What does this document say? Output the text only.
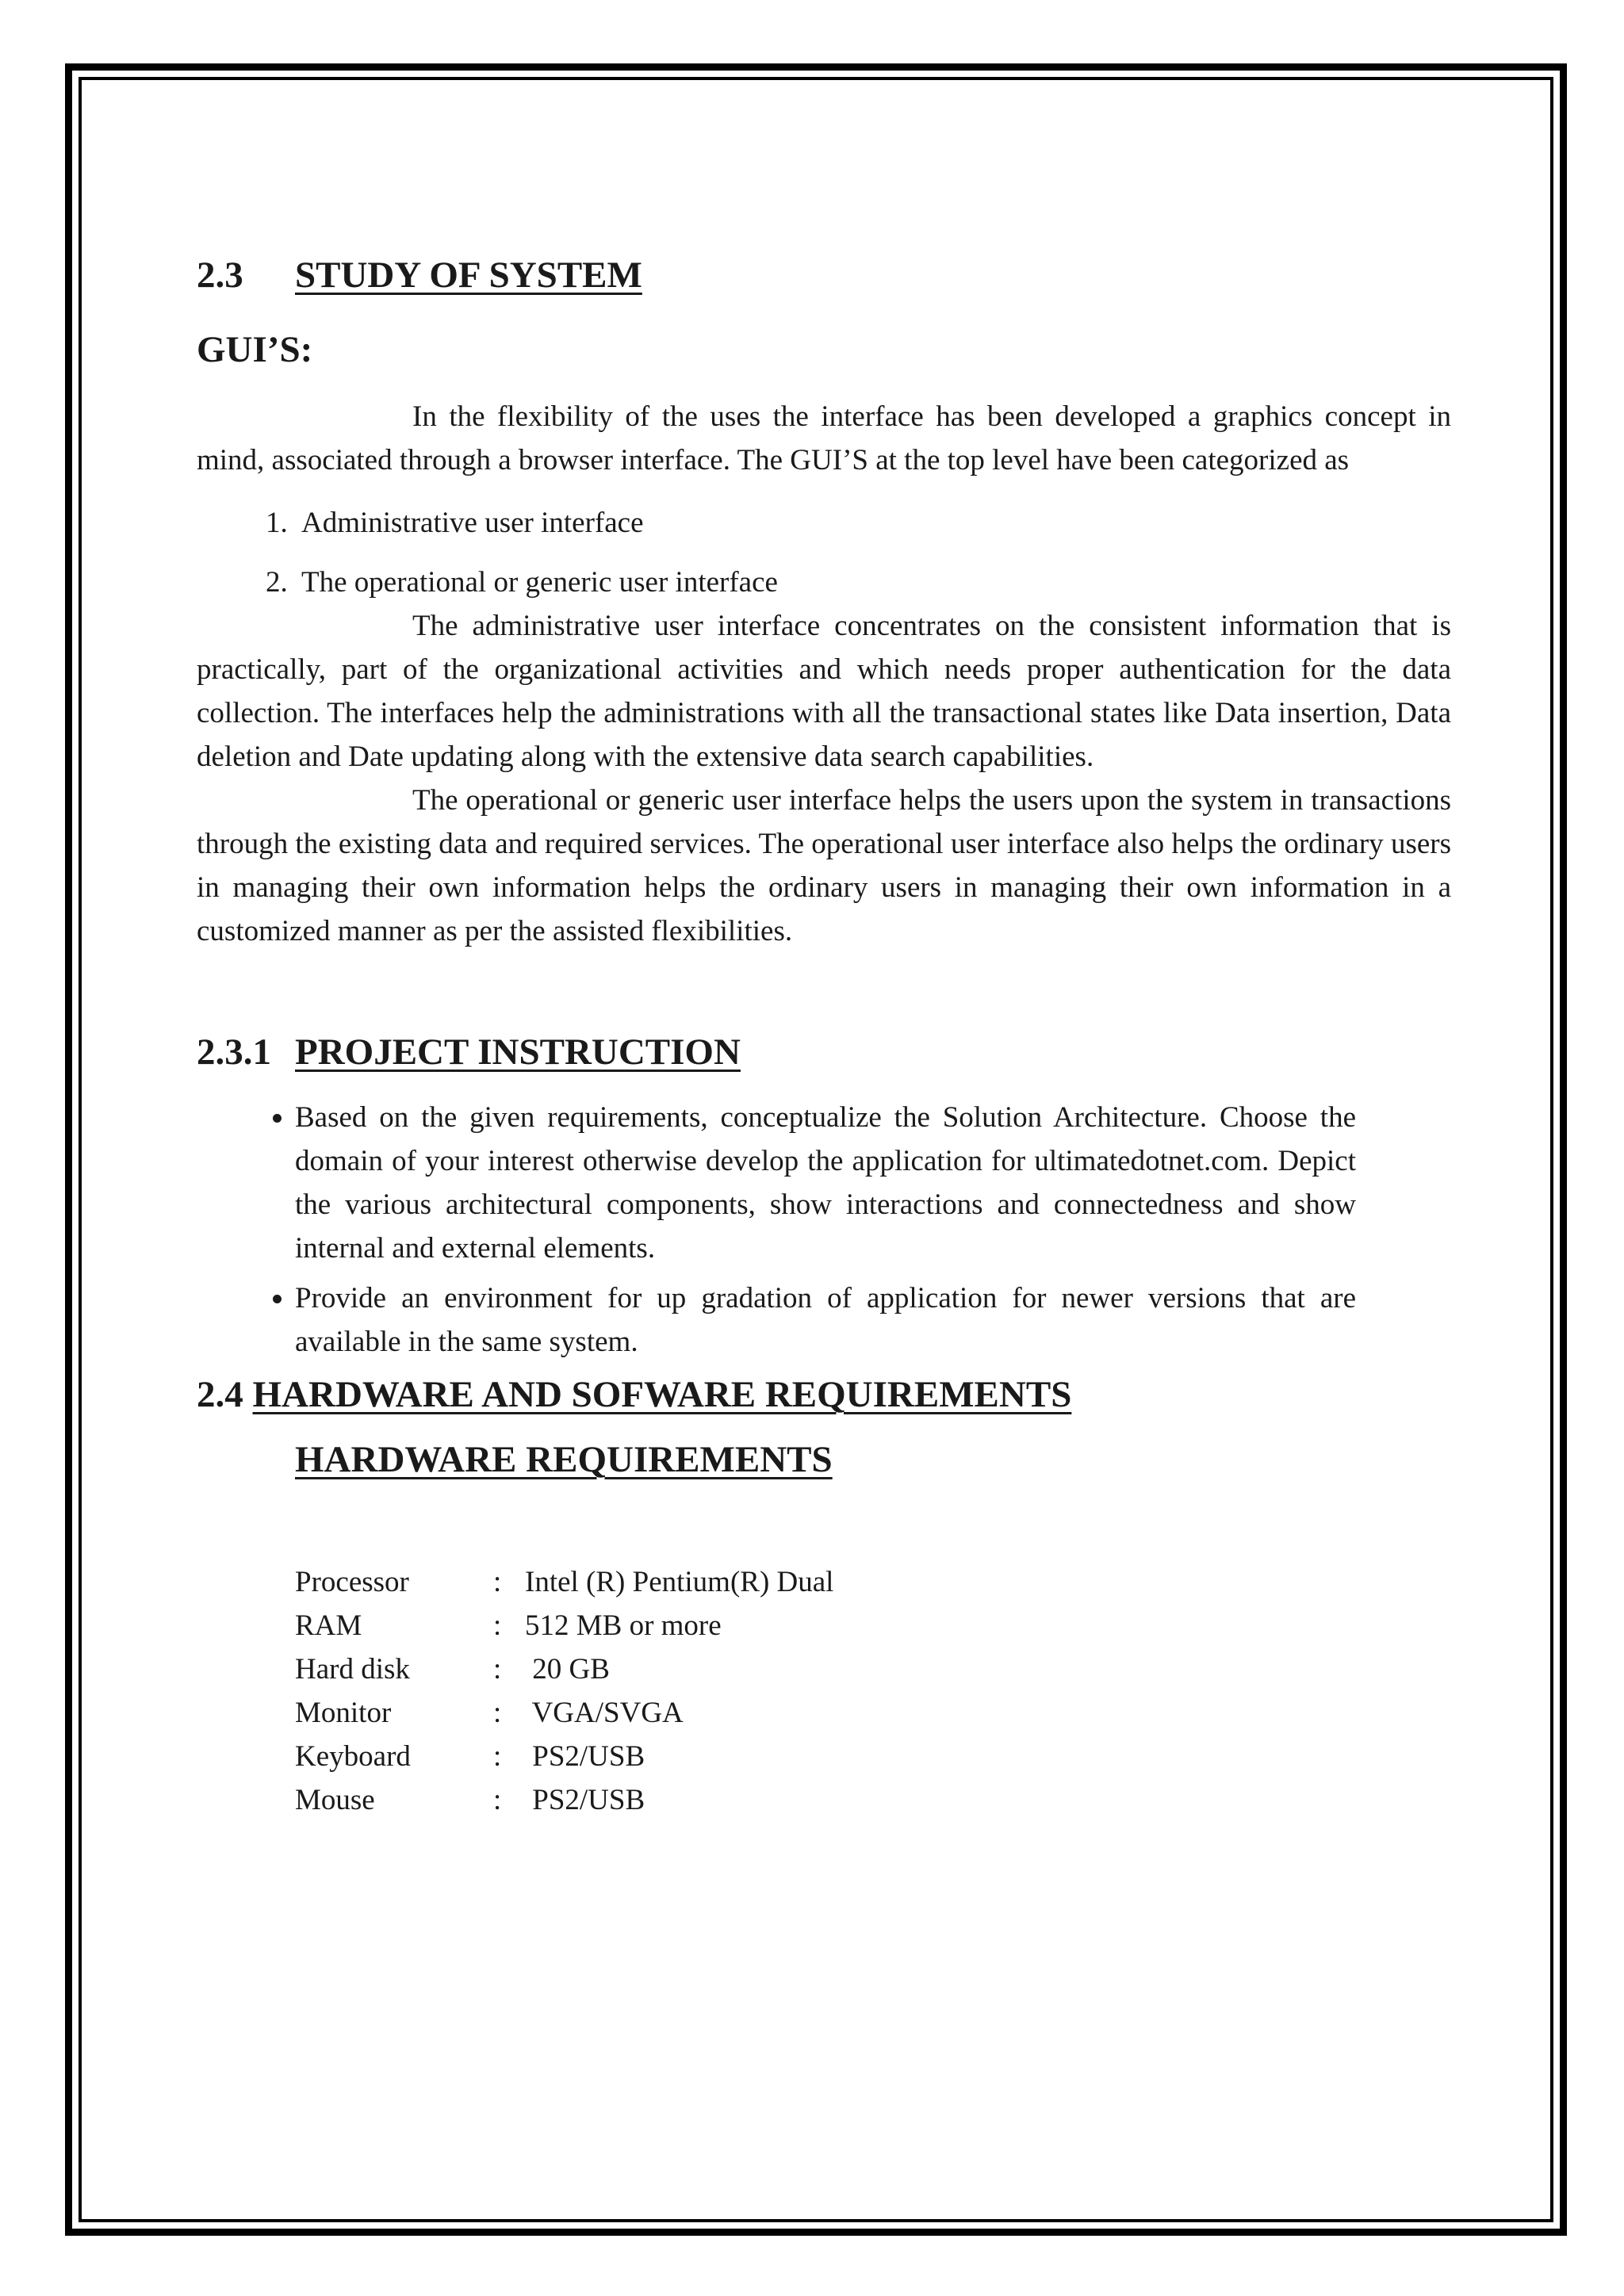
2.3	STUDY OF SYSTEM
GUI’S:

In the flexibility of the uses the interface has been developed a graphics concept in mind, associated through a browser interface. The GUI’S at the top level have been categorized as

1. Administrative user interface
2. The operational or generic user interface

The administrative user interface concentrates on the consistent information that is practically, part of the organizational activities and which needs proper authentication for the data collection. The interfaces help the administrations with all the transactional states like Data insertion, Data deletion and Date updating along with the extensive data search capabilities.

The operational or generic user interface helps the users upon the system in transactions through the existing data and required services. The operational user interface also helps the ordinary users in managing their own information helps the ordinary users in managing their own information in a customized manner as per the assisted flexibilities.

2.3.1 PROJECT INSTRUCTION
• Based on the given requirements, conceptualize the Solution Architecture. Choose the domain of your interest otherwise develop the application for ultimatedotnet.com. Depict the various architectural components, show interactions and connectedness and show internal and external elements.
• Provide an environment for up gradation of application for newer versions that are available in the same system.
2.4 HARDWARE AND SOFWARE REQUIREMENTS
HARDWARE REQUIREMENTS
Processor	:	Intel (R) Pentium(R) Dual
RAM	:	512 MB or more
Hard disk	:	20 GB
Monitor	:	VGA/SVGA
Keyboard	:	PS2/USB
Mouse	:	PS2/USB
